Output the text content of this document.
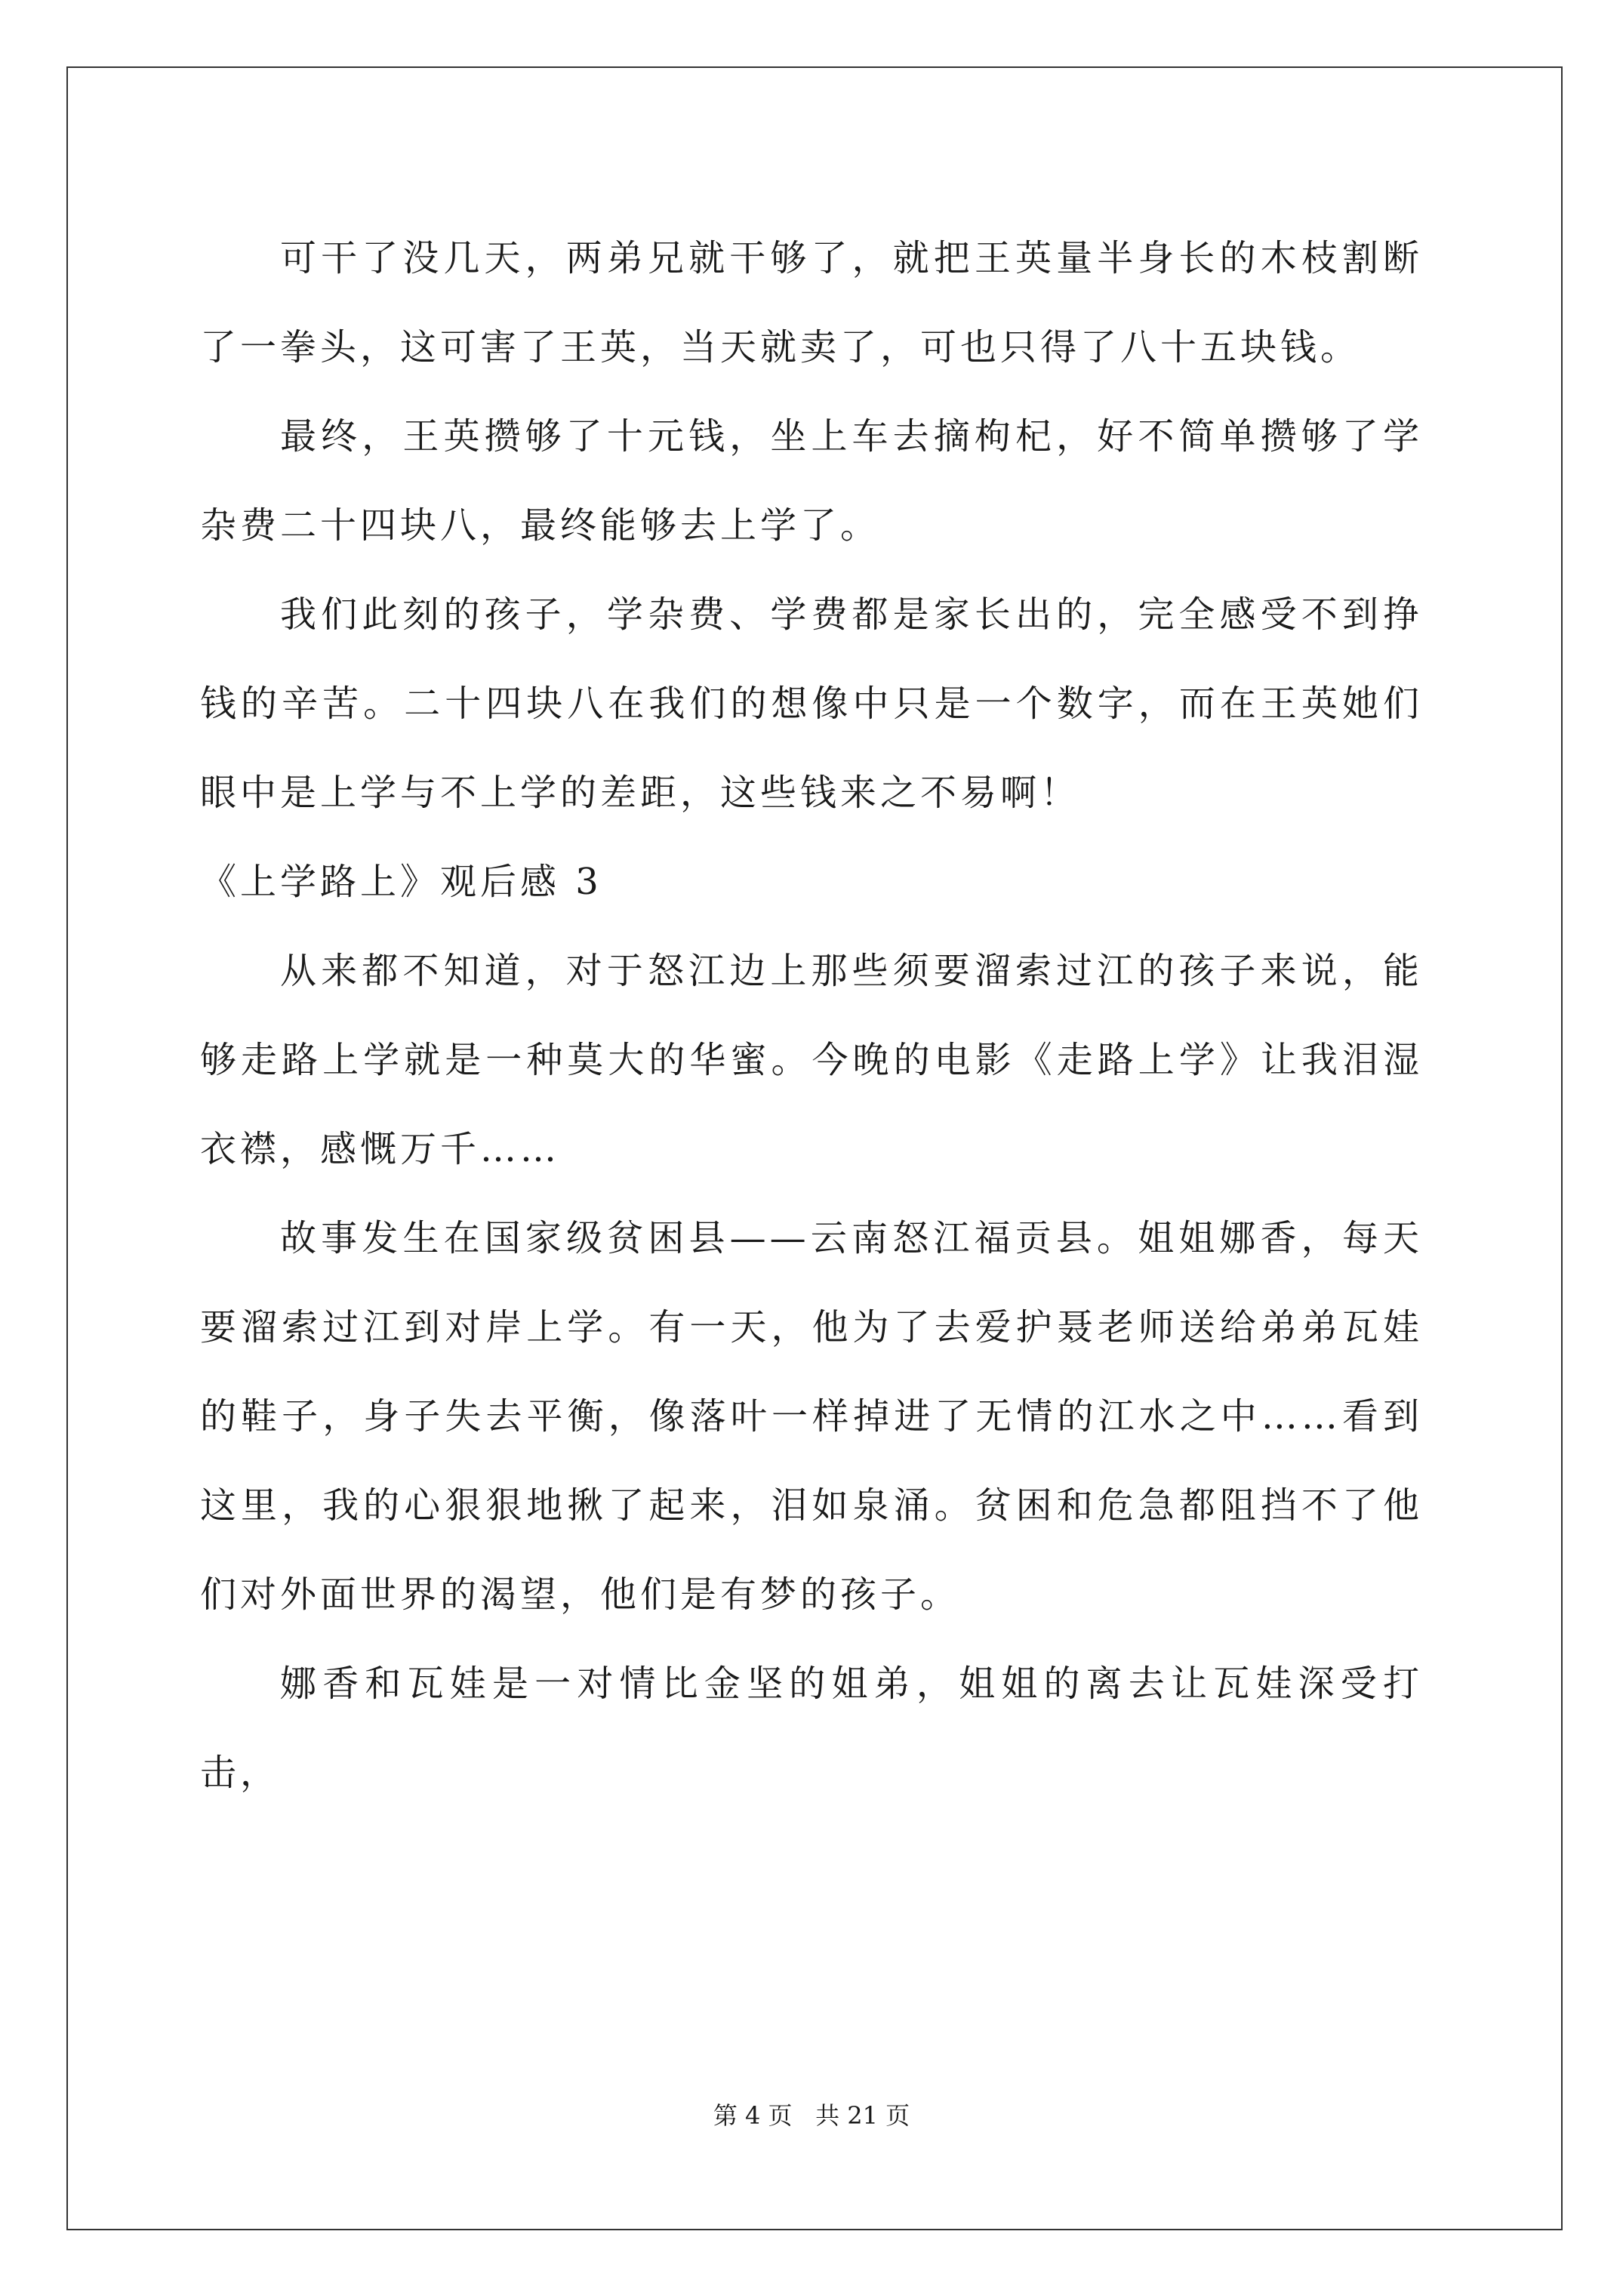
可干了没几天，两弟兄就干够了，就把王英量半身长的木枝割断了一拳头，这可害了王英，当天就卖了，可也只得了八十五块钱。

最终，王英攒够了十元钱，坐上车去摘枸杞，好不简单攒够了学杂费二十四块八，最终能够去上学了。

我们此刻的孩子，学杂费、学费都是家长出的，完全感受不到挣钱的辛苦。二十四块八在我们的想像中只是一个数字，而在王英她们眼中是上学与不上学的差距，这些钱来之不易啊！

《上学路上》观后感 3

从来都不知道，对于怒江边上那些须要溜索过江的孩子来说，能够走路上学就是一种莫大的华蜜。今晚的电影《走路上学》让我泪湿衣襟，感慨万千……

故事发生在国家级贫困县——云南怒江福贡县。姐姐娜香，每天要溜索过江到对岸上学。有一天，他为了去爱护聂老师送给弟弟瓦娃的鞋子，身子失去平衡，像落叶一样掉进了无情的江水之中……看到这里，我的心狠狠地揪了起来，泪如泉涌。贫困和危急都阻挡不了他们对外面世界的渴望，他们是有梦的孩子。

娜香和瓦娃是一对情比金坚的姐弟，姐姐的离去让瓦娃深受打击，

第 4 页 共 21 页
